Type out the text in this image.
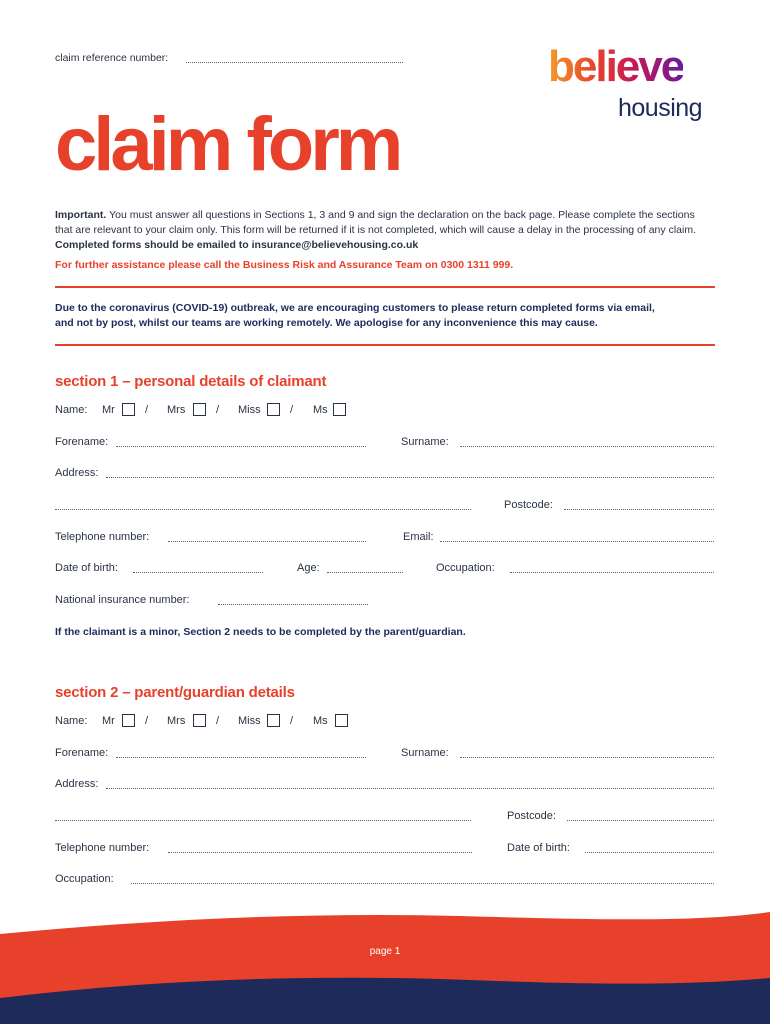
claim reference number:	believe
housing
claim form
Important. You must answer all questions in Sections 1, 3 and 9 and sign the declaration on the back page. Please complete the sections that are relevant to your claim only. This form will be returned if it is not completed, which will cause a delay in the processing of any claim. Completed forms should be emailed to insurance@believehousing.co.uk
For further assistance please call the Business Risk and Assurance Team on 0300 1311 999.
Due to the coronavirus (COVID-19) outbreak, we are encouraging customers to please return completed forms via email,
and not by post, whilst our teams are working remotely. We apologise for any inconvenience this may cause.
section 1 – personal details of claimant
Name: Mr	/ Mrs	/ Miss	/ Ms
Forename:	Surname:
Address:
Postcode:
Telephone number:	Email:
Date of birth:	Age:	Occupation:
National insurance number:
If the claimant is a minor, Section 2 needs to be completed by the parent/guardian.
section 2 – parent/guardian details
Name: Mr	/ Mrs	/ Miss	/ Ms
Forename:	Surname:
Address:
Postcode:
Telephone number:	Date of birth:
Occupation:
page 1
